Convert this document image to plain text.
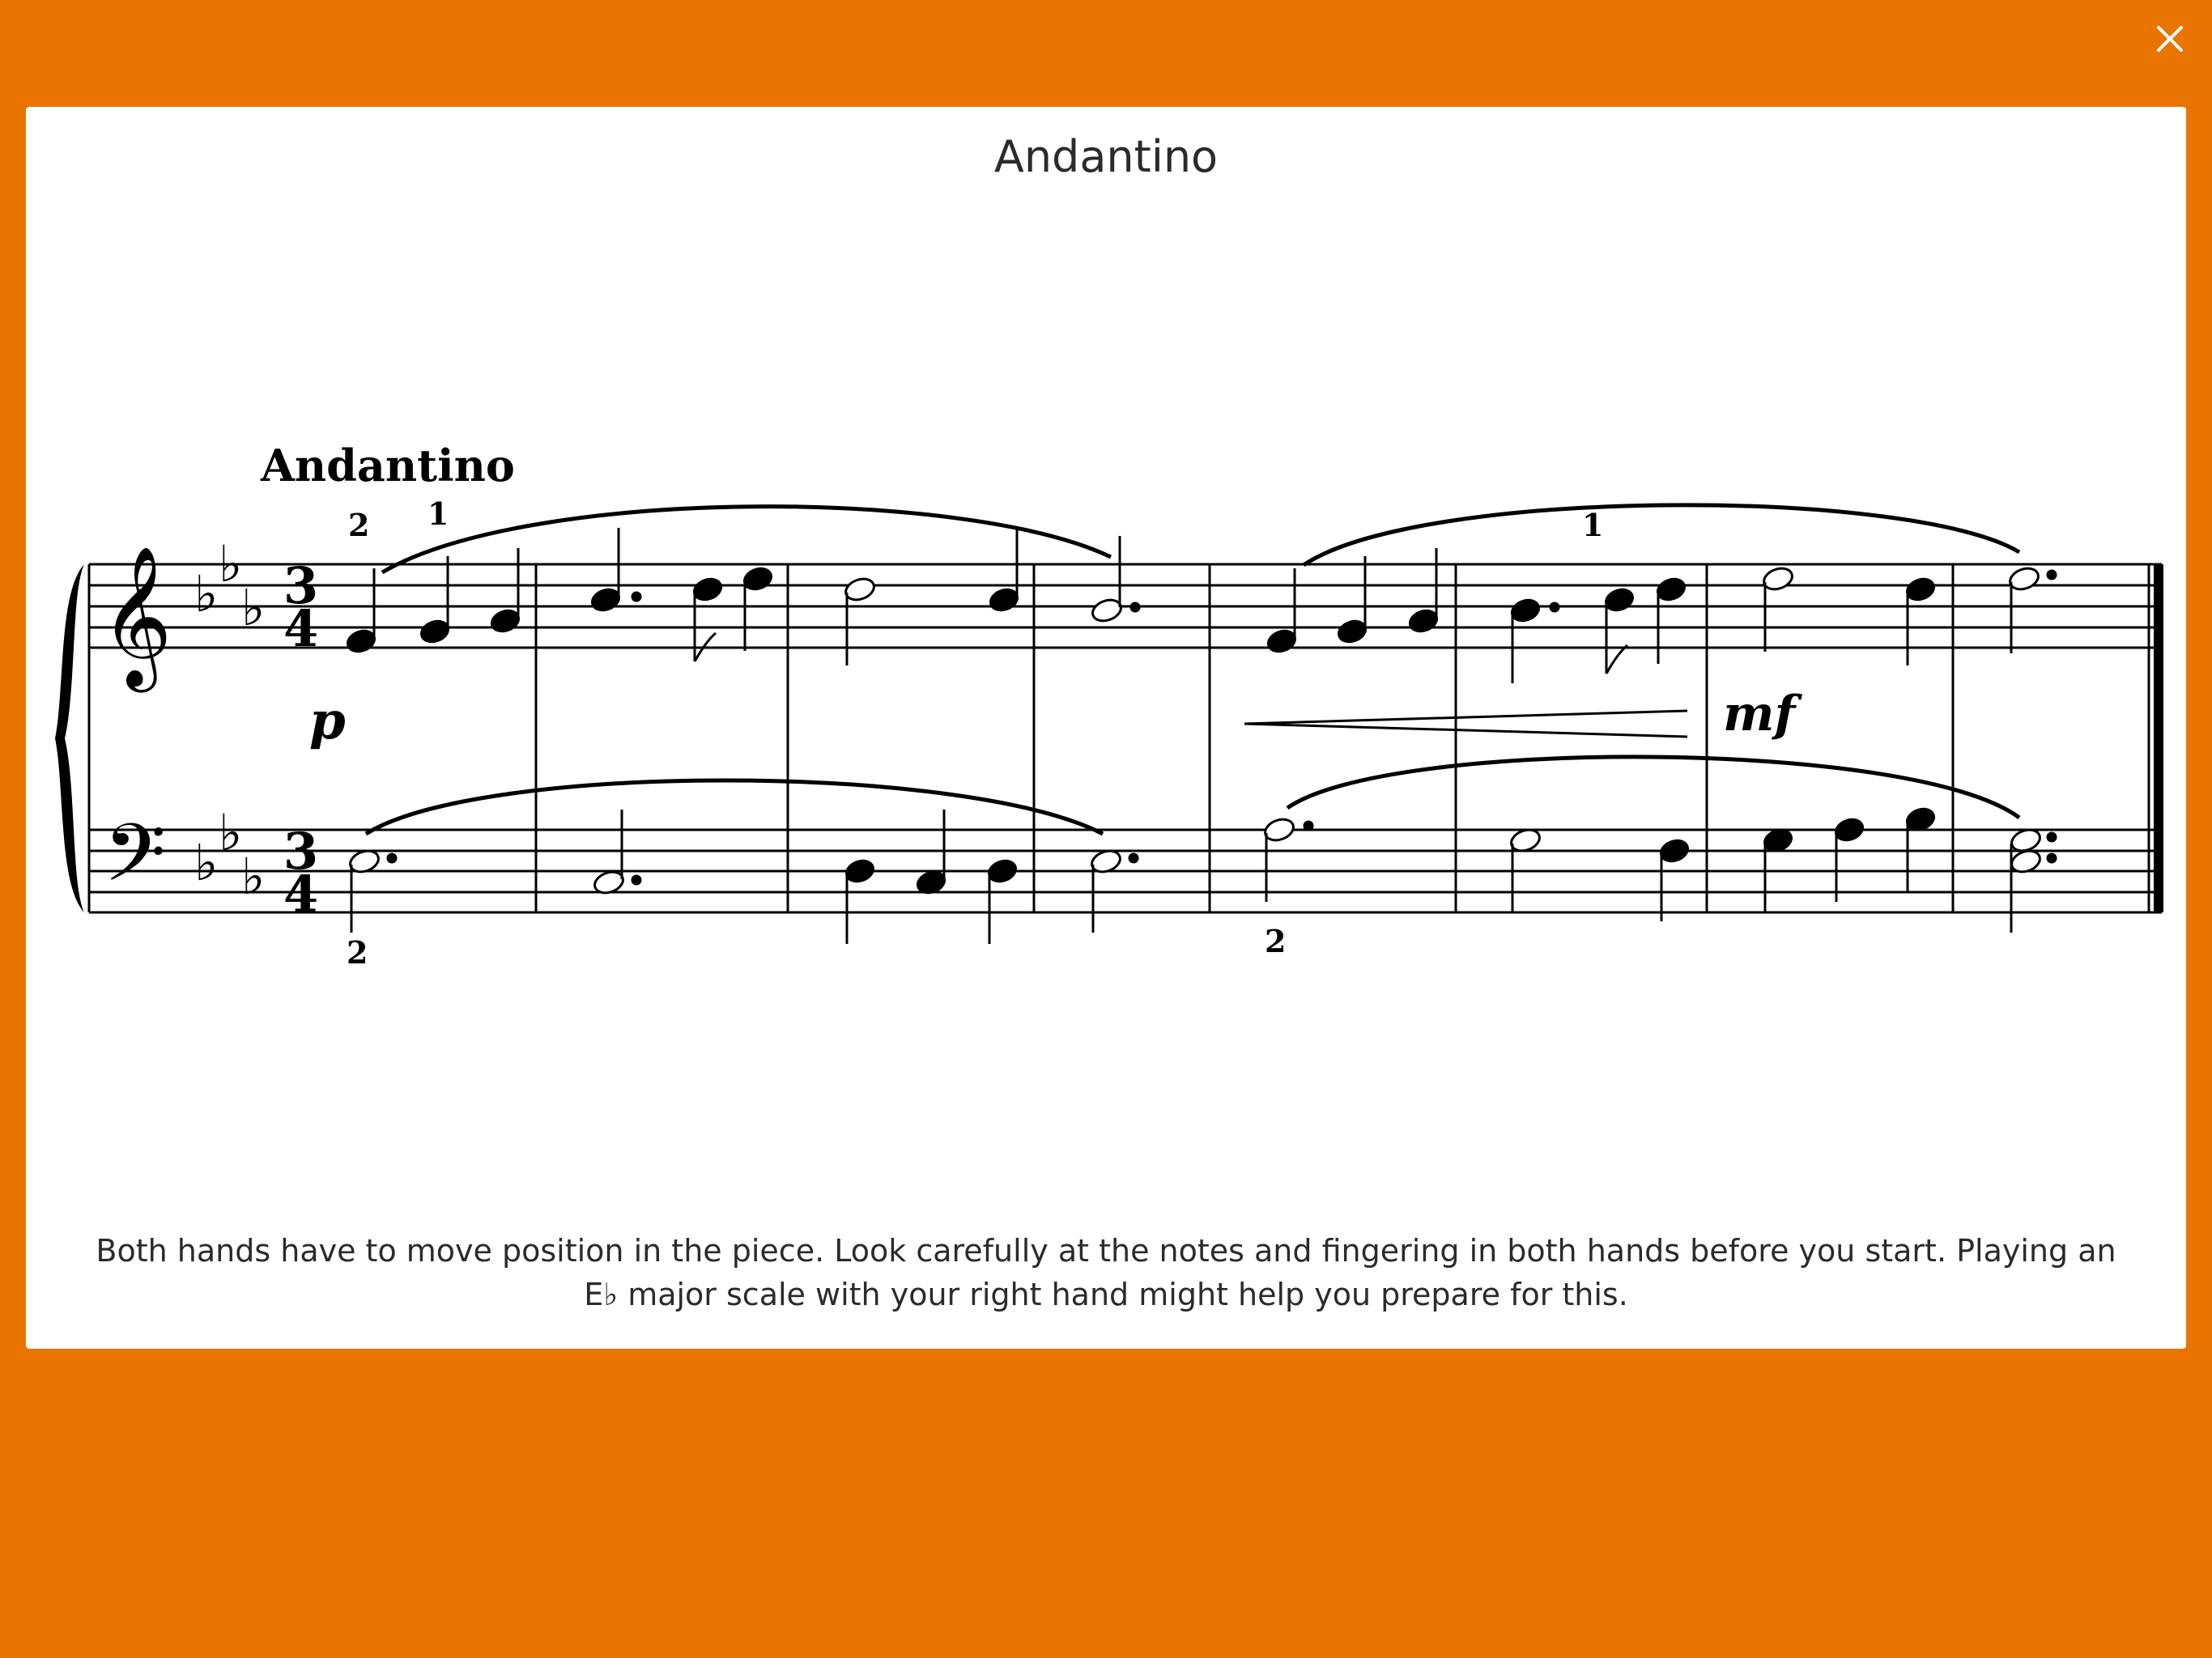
Andantino
𝄞
𝄢
♭
♭
♭
♭
♭
♭
3
4
3
4
Andantino
2 1	1
2	2
p	mf

Both hands have to move position in the piece. Look carefully at the notes and fingering in both hands before you start. Playing an E♭ major scale with your right hand might help you prepare for this.
